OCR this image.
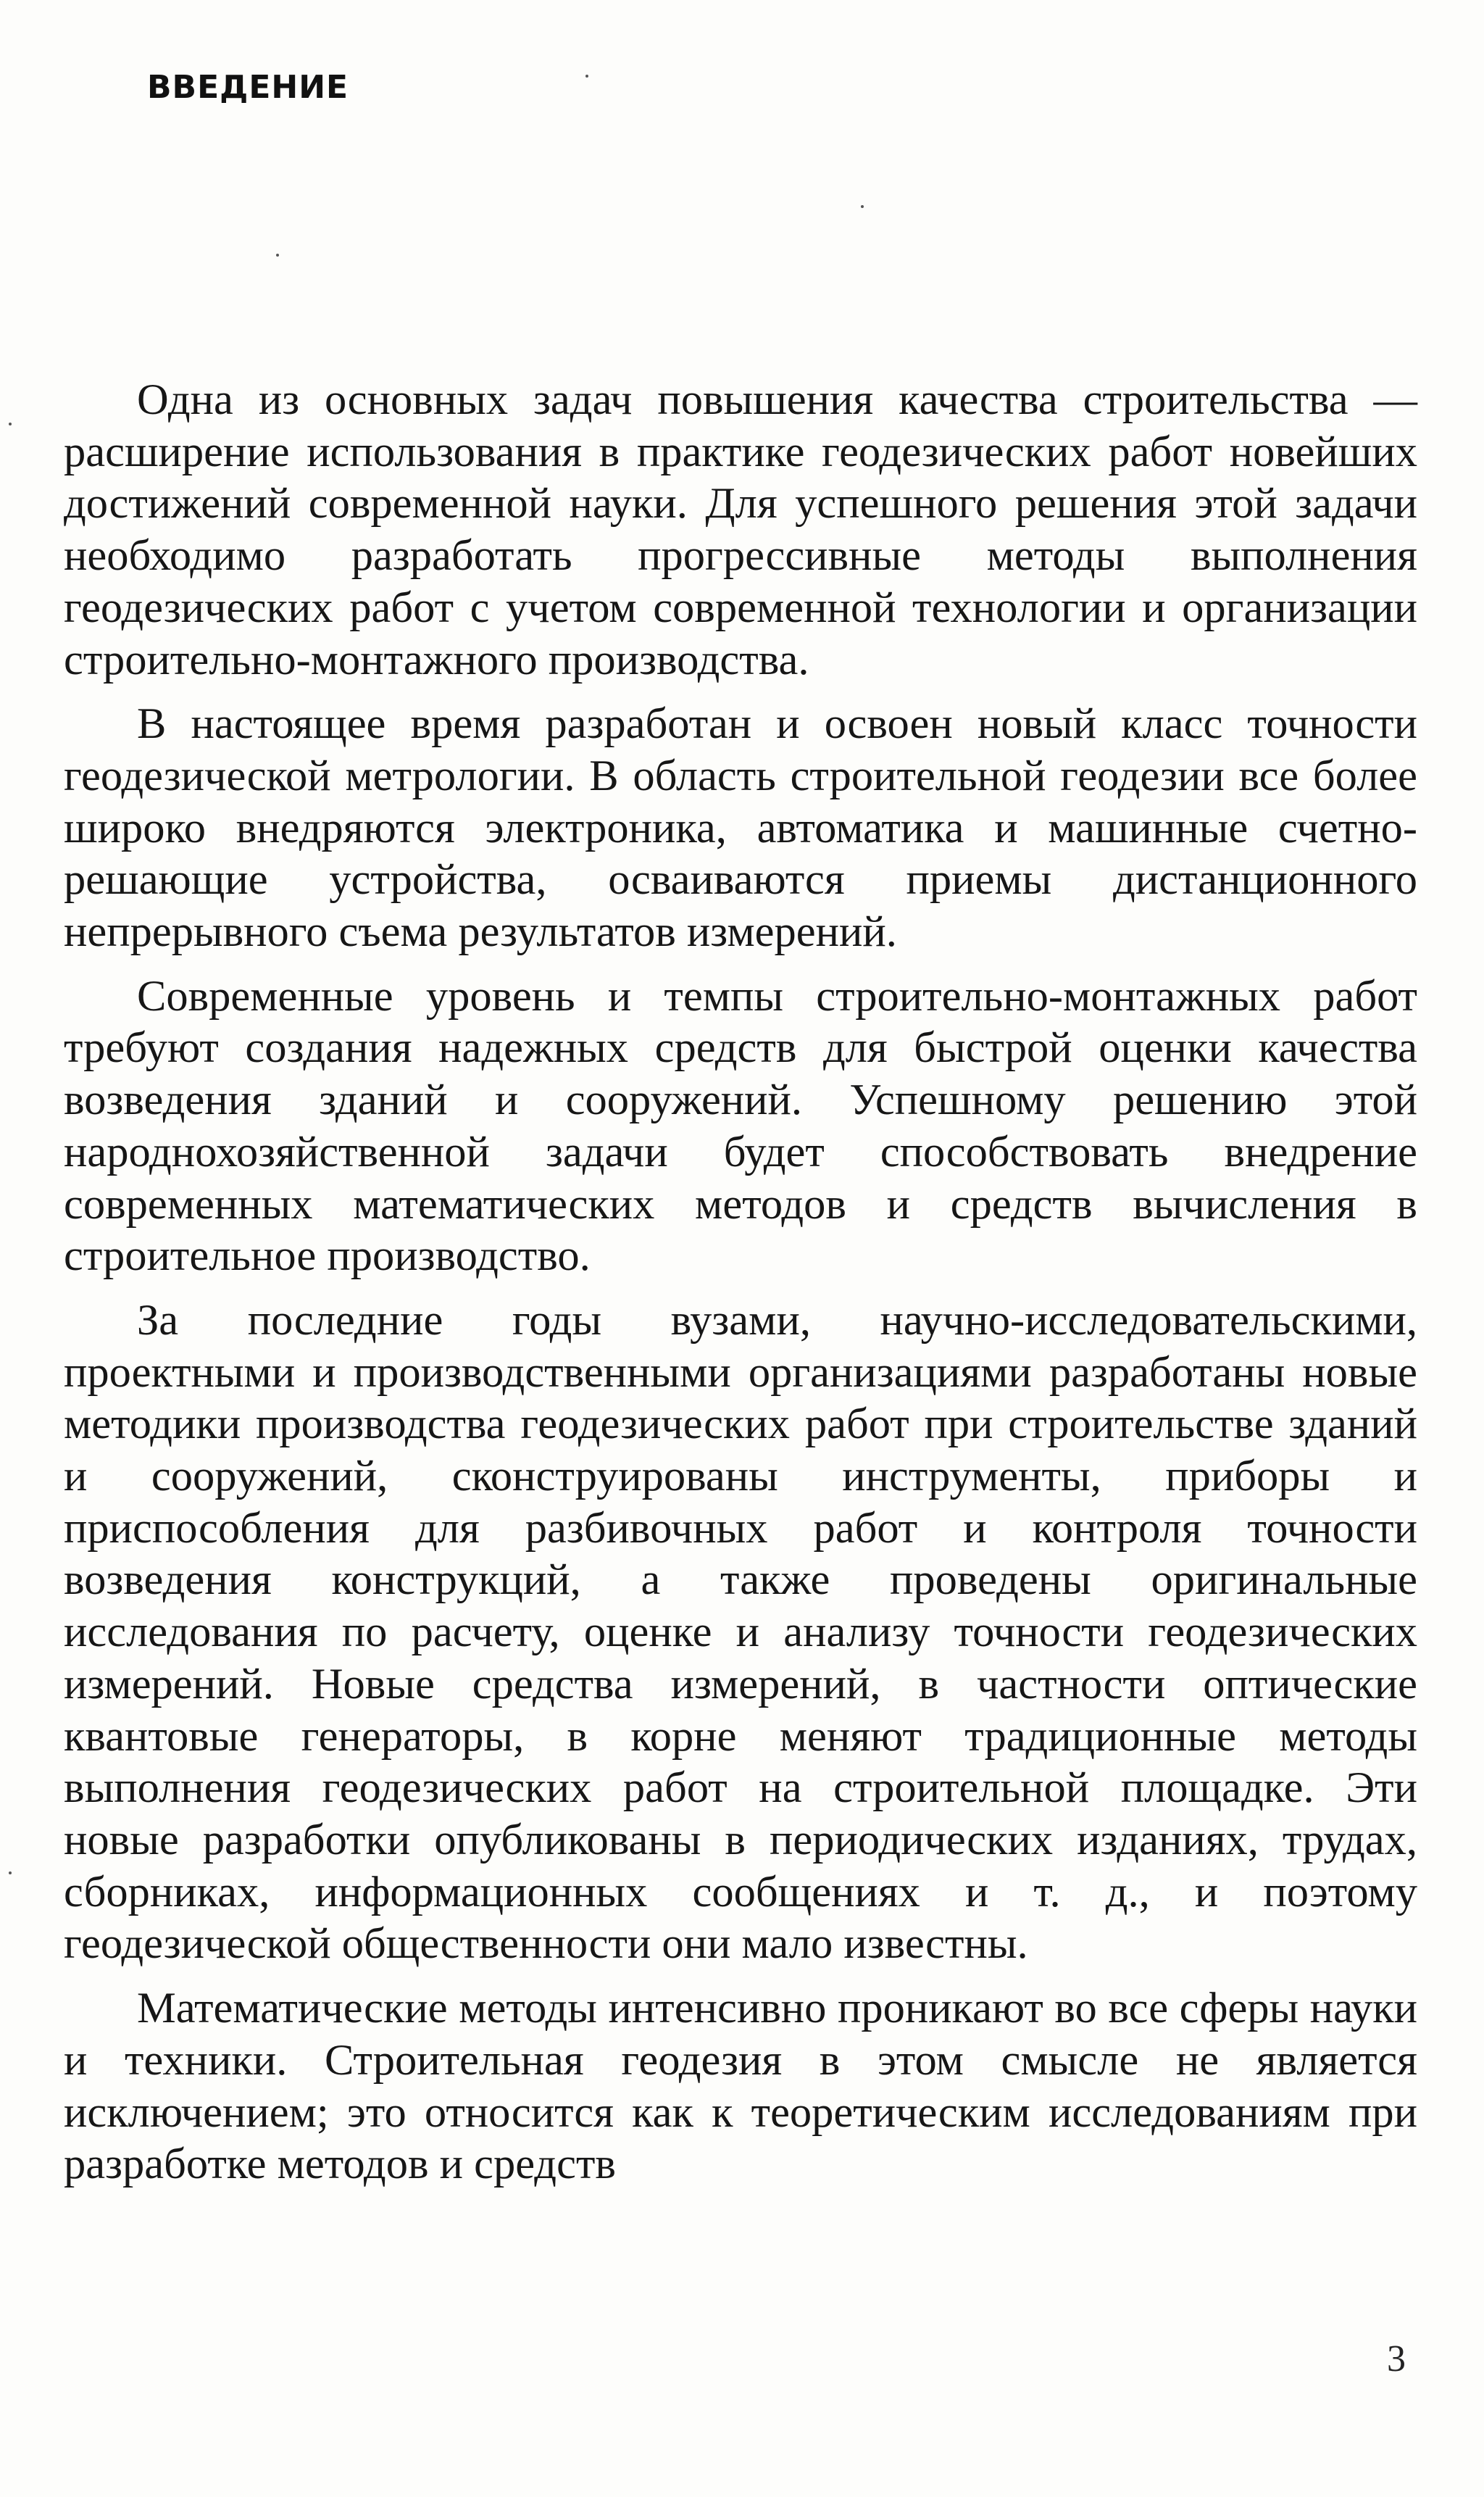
ВВЕДЕНИЕ

Одна из основных задач повышения качества строительства — расширение использования в практике геодезических работ новейших достижений современной науки. Для успешного решения этой задачи необходимо разработать прогрессивные методы выполнения геодезических работ с учетом современной технологии и организации строительно-монтажного производства.

В настоящее время разработан и освоен новый класс точности геодезической метрологии. В область строительной геодезии все более широко внедряются электроника, автоматика и машинные счетно-решающие устройства, осваиваются приемы дистанционного непрерывного съема результатов измерений.

Современные уровень и темпы строительно-монтажных работ требуют создания надежных средств для быстрой оценки качества возведения зданий и сооружений. Успешному решению этой народнохозяйственной задачи будет способствовать внедрение современных математических методов и средств вычисления в строительное производство.

За последние годы вузами, научно-исследовательскими, проектными и производственными организациями разработаны новые методики производства геодезических работ при строительстве зданий и сооружений, сконструированы инструменты, приборы и приспособления для разбивочных работ и контроля точности возведения конструкций, а также проведены оригинальные исследования по расчету, оценке и анализу точности геодезических измерений. Новые средства измерений, в частности оптические квантовые генераторы, в корне меняют традиционные методы выполнения геодезических работ на строительной площадке. Эти новые разработки опубликованы в периодических изданиях, трудах, сборниках, информационных сообщениях и т. д., и поэтому геодезической общественности они мало известны.

Математические методы интенсивно проникают во все сферы науки и техники. Строительная геодезия в этом смысле не является исключением; это относится как к теоретическим исследованиям при разработке методов и средств

3
